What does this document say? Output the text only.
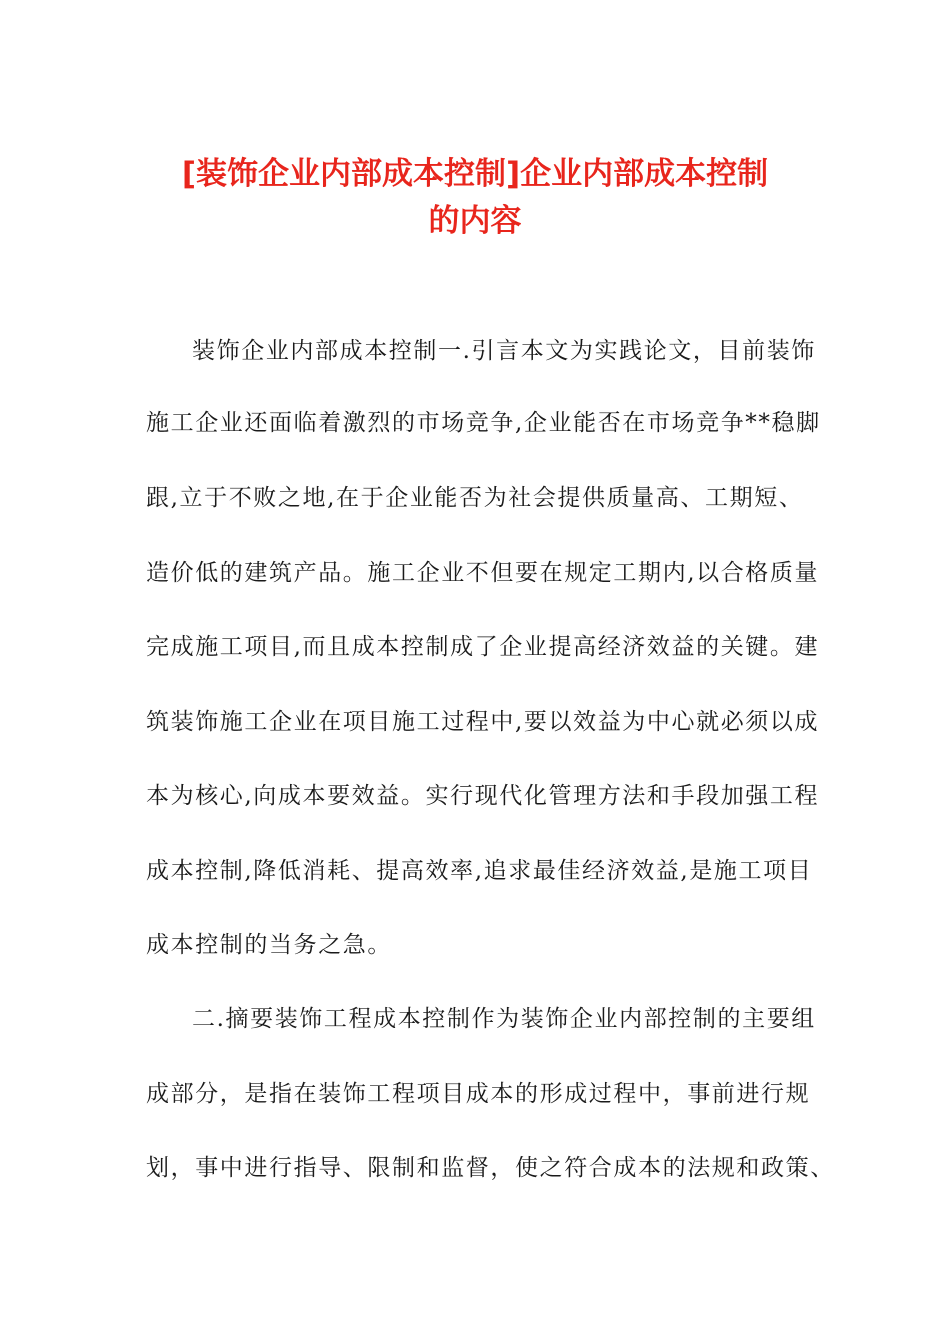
[装饰企业内部成本控制]企业内部成本控制
的内容
装饰企业内部成本控制一.引言本文为实践论文，目前装饰
施工企业还面临着激烈的市场竞争,企业能否在市场竞争**稳脚
跟,立于不败之地,在于企业能否为社会提供质量高、工期短、
造价低的建筑产品。施工企业不但要在规定工期内,以合格质量
完成施工项目,而且成本控制成了企业提高经济效益的关键。建
筑装饰施工企业在项目施工过程中,要以效益为中心就必须以成
本为核心,向成本要效益。实行现代化管理方法和手段加强工程
成本控制,降低消耗、提高效率,追求最佳经济效益,是施工项目
成本控制的当务之急。
二.摘要装饰工程成本控制作为装饰企业内部控制的主要组
成部分，是指在装饰工程项目成本的形成过程中，事前进行规
划，事中进行指导、限制和监督，使之符合成本的法规和政策、
